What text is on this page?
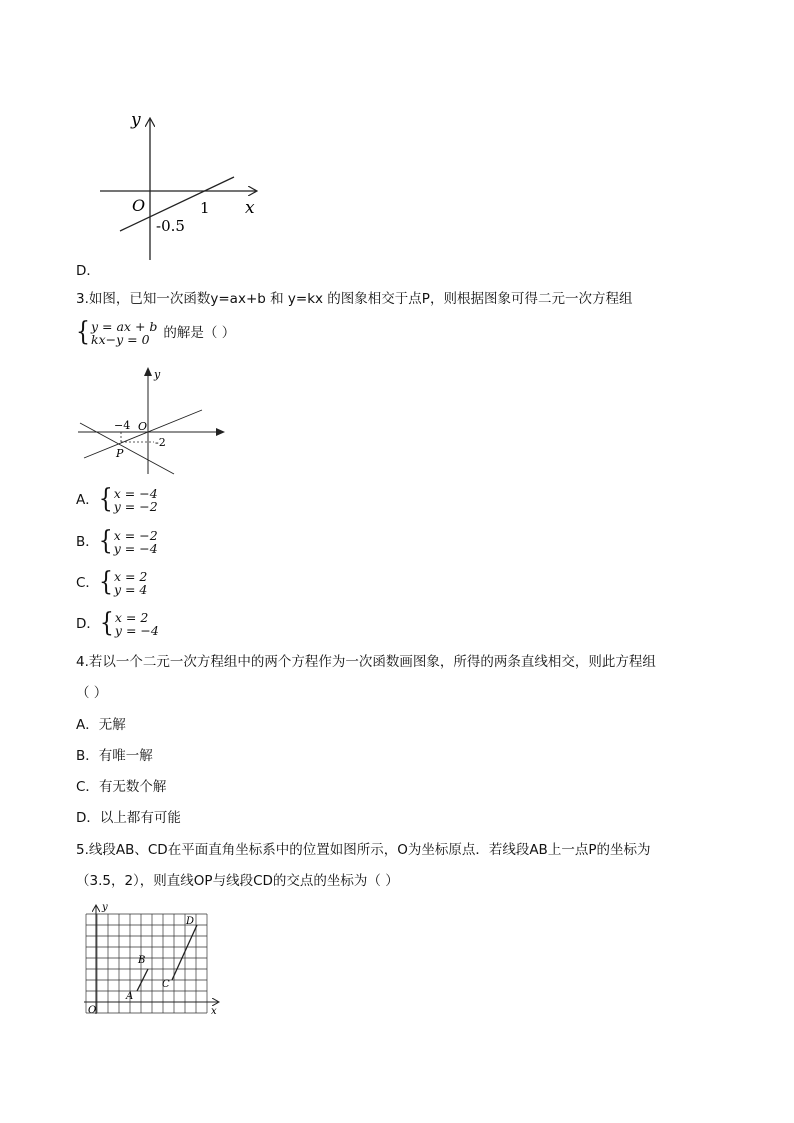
y
x
O	1
-0.5
D．
3.如图，已知一次函数y=ax+b 和 y=kx 的图象相交于点P，则根据图象可得二元一次方程组
{ y = ax + b
kx−y = 0	的解是（ ）
y
O
−4
-2
P
A． { x = −4
y = −2
B． { x = −2
y = −4
C． { x = 2
y = 4
D． { x = 2
y = −4
4.若以一个二元一次方程组中的两个方程作为一次函数画图象，所得的两条直线相交，则此方程组
（ ）
A．无解
B．有唯一解
C．有无数个解
D．以上都有可能
5.线段AB、CD在平面直角坐标系中的位置如图所示，O为坐标原点．若线段AB上一点P的坐标为
（3.5，2），则直线OP与线段CD的交点的坐标为（ ）
y
x
O
A
B
C
D
